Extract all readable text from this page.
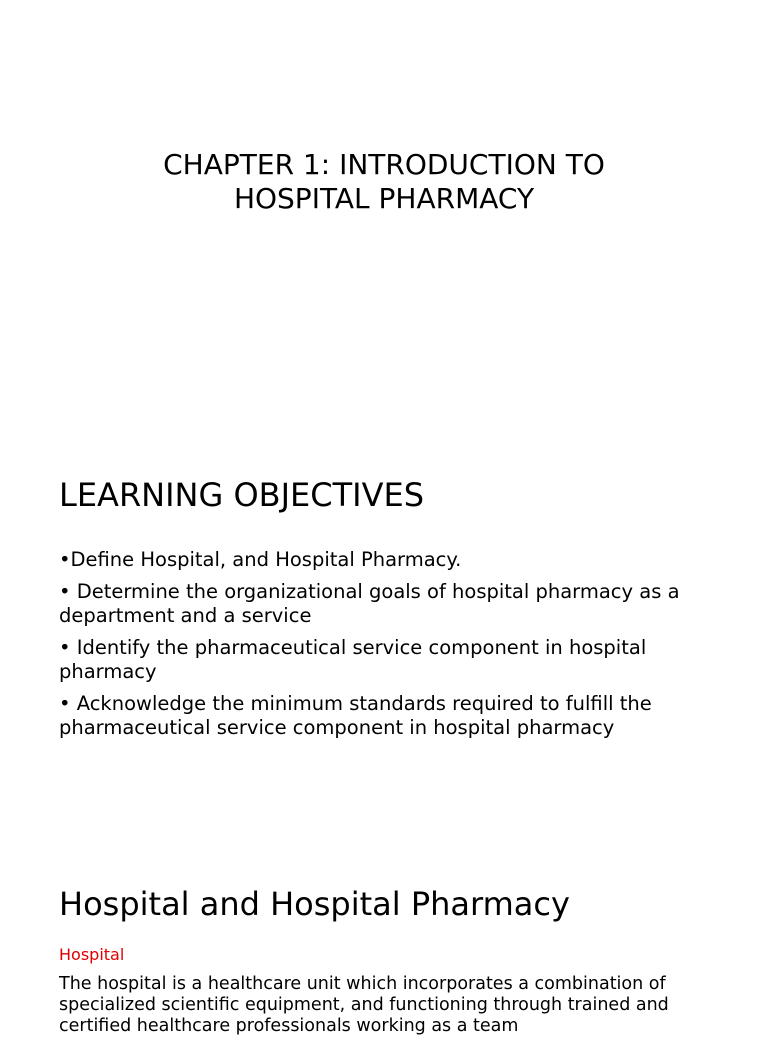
CHAPTER 1: INTRODUCTION TO
HOSPITAL PHARMACY
LEARNING OBJECTIVES
•Define Hospital, and Hospital Pharmacy.
• Determine the organizational goals of hospital pharmacy as a department and a service
• Identify the pharmaceutical service component in hospital pharmacy
• Acknowledge the minimum standards required to fulfill the pharmaceutical service component in hospital pharmacy
Hospital and Hospital Pharmacy
Hospital
The hospital is a healthcare unit which incorporates a combination of specialized scientific equipment, and functioning through trained and certified healthcare professionals working as a team
